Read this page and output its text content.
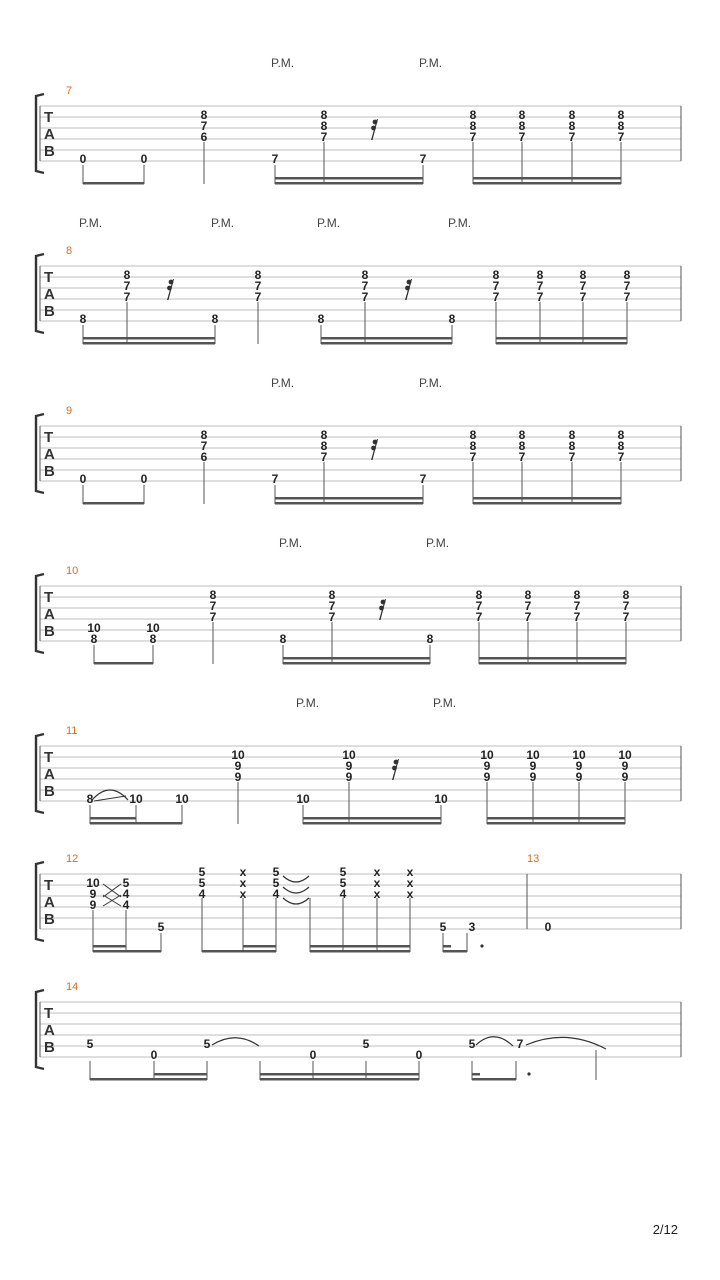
P.M.	P.M.
7
T
A
B 0	0
8
7
6
7
8
8
7
7
8
8
7
8
8
7
8
8
7
8
8
7
P.M.	P.M.	P.M.	P.M.
8
T
A
B 8
8
7
7
8
8
7
7
8
8
7
7
8
8
7
7
8
7
7
8
7
7
8
7
7
P.M.	P.M.
9
T
A
B 0	0
8
7
6
7
8
8
7
7
8
8
7
8
8
7
8
8
7
8
8
7
P.M.	P.M.
10
T
A
B	10
8
10
8
8
7
7
8
8
7
7
8
8
7
7
8
7
7
8
7
7
8
7
7
P.M.	P.M.
11
T
A
B	8	10	10
10
9
9
10
10
9
9
10
10
9
9
10
9
9
10
9
9
10
9
9
12	13
T
A
B
10
9
9
5
4
4
5
5
5
4
x
x
x
5
5
4
5
5
4
x
x
x
x
x
x
5 3	0
14
T
A
B	5
0
5
0
5
0
5	7
2/12
